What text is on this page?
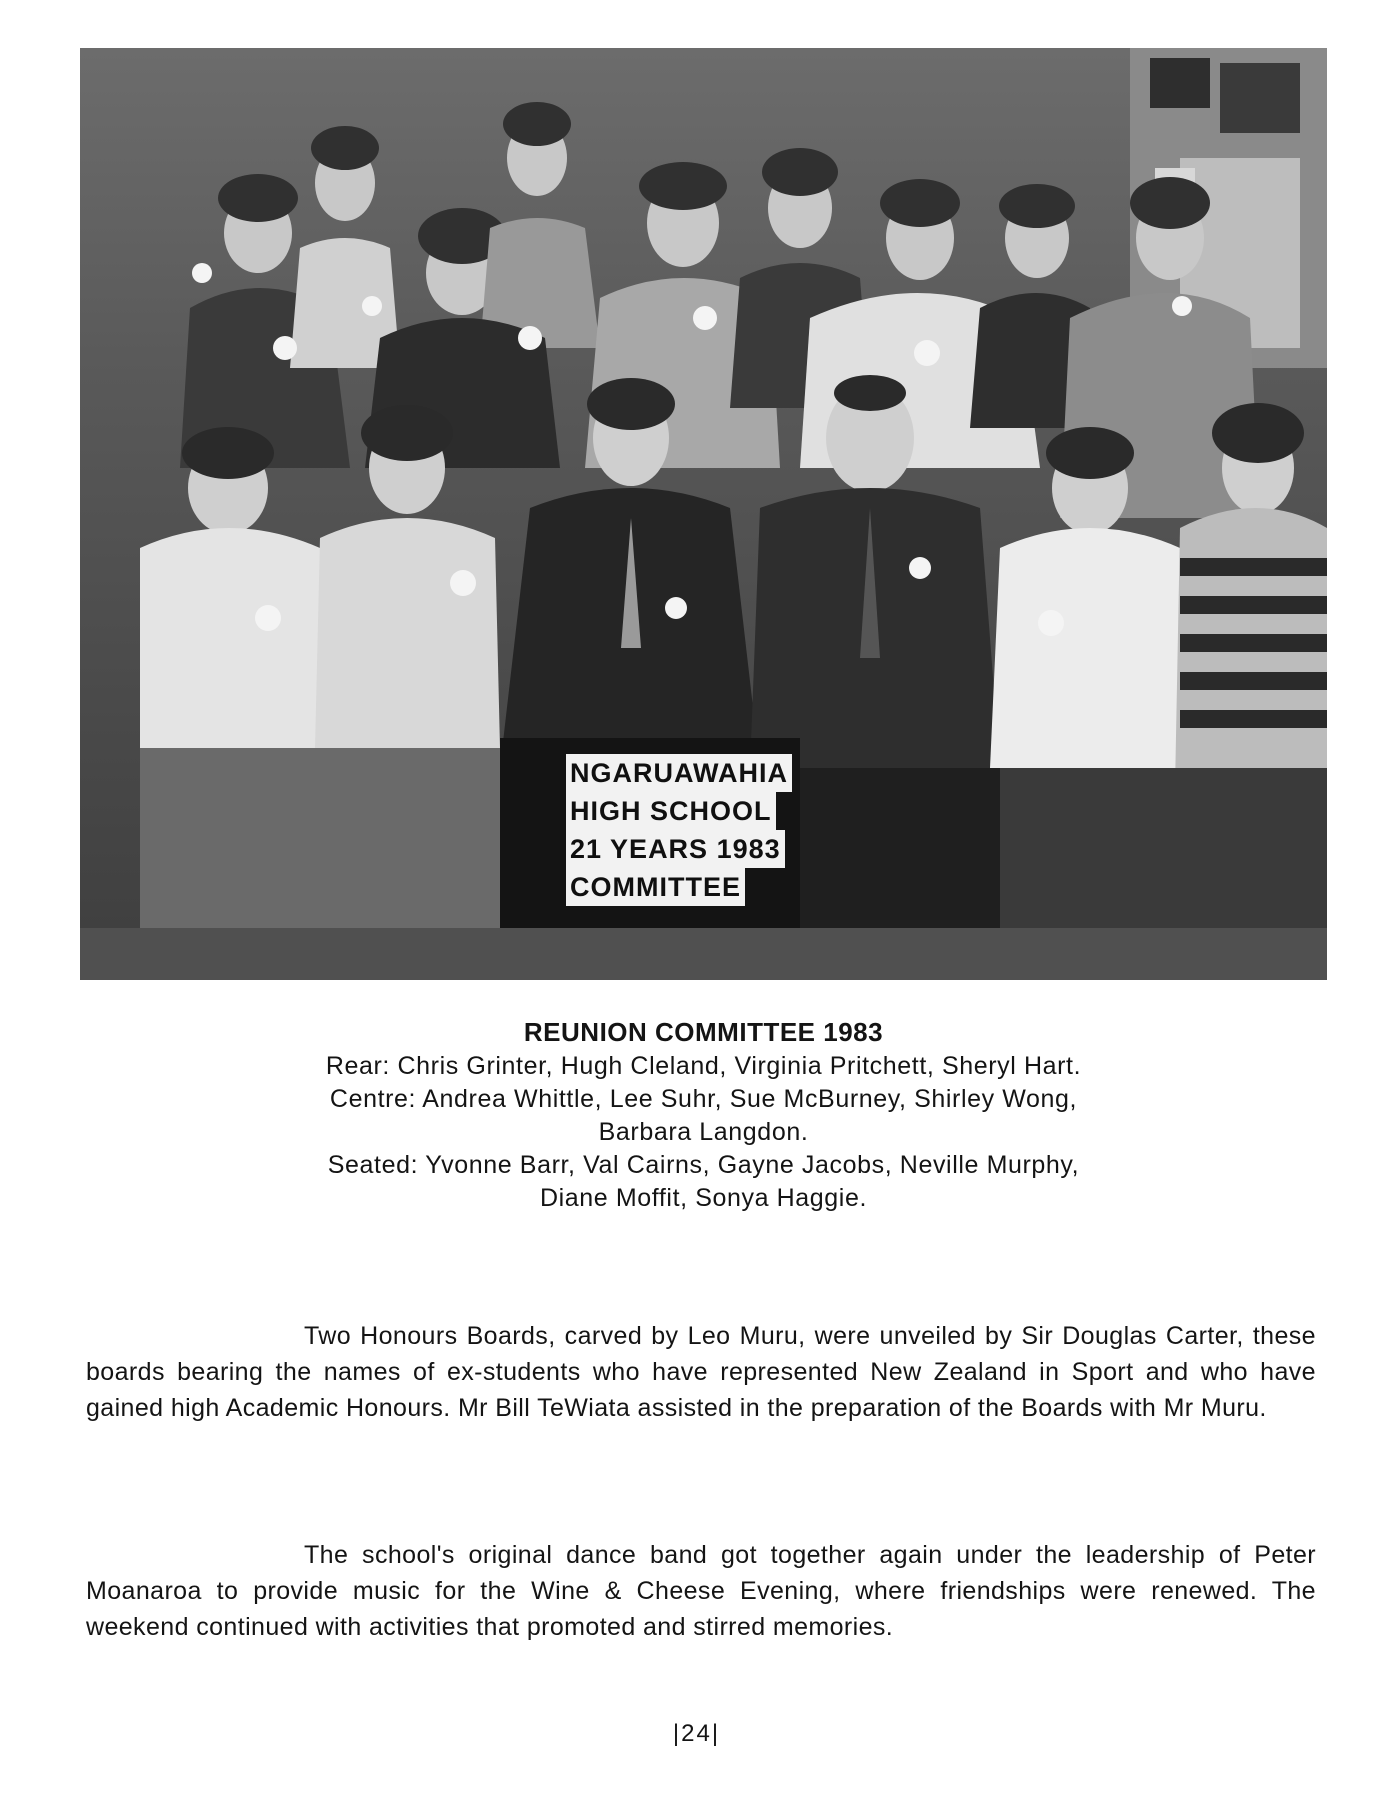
NGARUAWAHIA
HIGH SCHOOL
21 YEARS 1983
COMMITTEE
REUNION COMMITTEE 1983
Rear: Chris Grinter, Hugh Cleland, Virginia Pritchett, Sheryl Hart.
Centre: Andrea Whittle, Lee Suhr, Sue McBurney, Shirley Wong,
Barbara Langdon.
Seated: Yvonne Barr, Val Cairns, Gayne Jacobs, Neville Murphy,
Diane Moffit, Sonya Haggie.
Two Honours Boards, carved by Leo Muru, were unveiled by Sir Douglas Carter, these boards bearing the names of ex-students who have represented New Zealand in Sport and who have gained high Academic Honours. Mr Bill TeWiata assisted in the preparation of the Boards with Mr Muru.
The school's original dance band got together again under the leadership of Peter Moanaroa to provide music for the Wine & Cheese Evening, where friendships were renewed. The weekend continued with activities that promoted and stirred memories.
|24|
